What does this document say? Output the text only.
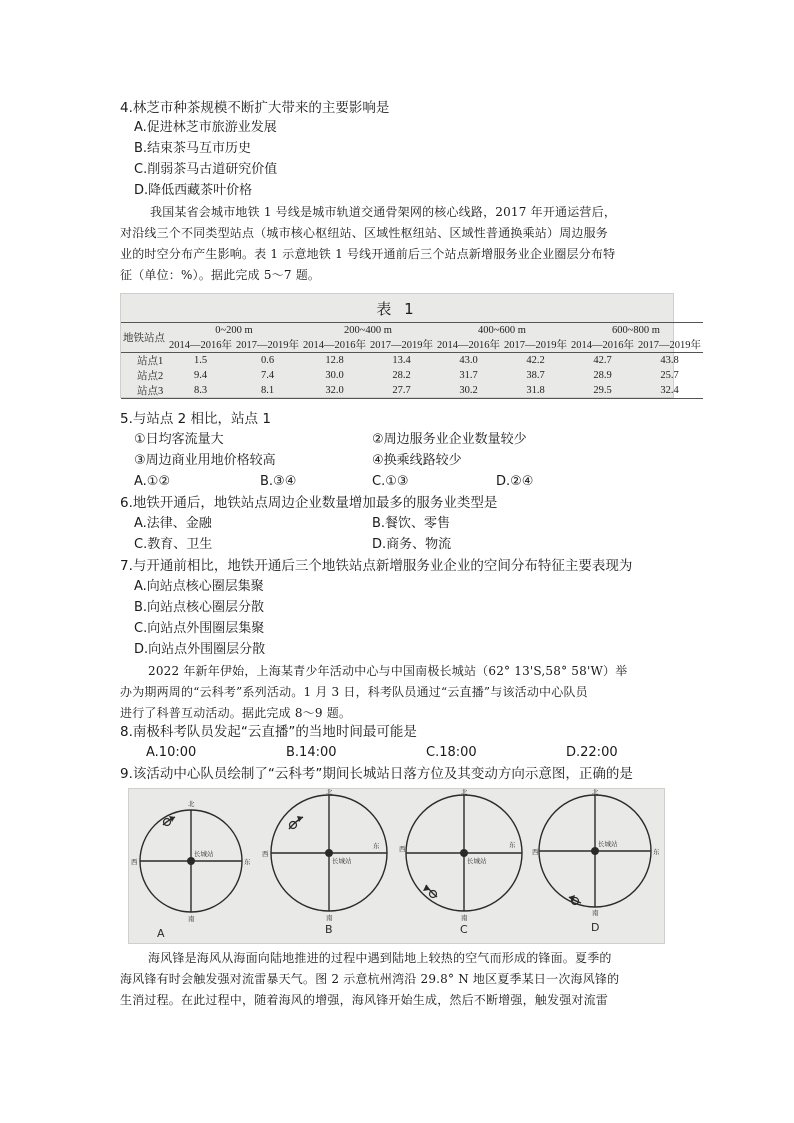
4.林芝市种茶规模不断扩大带来的主要影响是
A.促进林芝市旅游业发展
B.结束茶马互市历史
C.削弱茶马古道研究价值
D.降低西藏茶叶价格
我国某省会城市地铁 1 号线是城市轨道交通骨架网的核心线路，2017 年开通运营后，
对沿线三个不同类型站点（城市核心枢纽站、区域性枢纽站、区域性普通换乘站）周边服务
业的时空分布产生影响。表 1 示意地铁 1 号线开通前后三个站点新增服务业企业圈层分布特
征（单位：%）。据此完成 5～7 题。
表 1
地铁站点	0~200 m		200~400 m		400~600 m		600~800 m	
	2014—2016年	2017—2019年	2014—2016年	2017—2019年	2014—2016年	2017—2019年	2014—2016年	2017—2019年
站点1	1.5	0.6	12.8	13.4	43.0	42.2	42.7	43.8
站点2	9.4	7.4	30.0	28.2	31.7	38.7	28.9	25.7
站点3	8.3	8.1	32.0	27.7	30.2	31.8	29.5	32.4
5.与站点 2 相比，站点 1
①日均客流量大	②周边服务业企业数量较少
③周边商业用地价格较高	④换乘线路较少
A.①②	B.③④	C.①③	D.②④
6.地铁开通后，地铁站点周边企业数量增加最多的服务业类型是
A.法律、金融	B.餐饮、零售
C.教育、卫生	D.商务、物流
7.与开通前相比，地铁开通后三个地铁站点新增服务业企业的空间分布特征主要表现为
A.向站点核心圈层集聚
B.向站点核心圈层分散
C.向站点外围圈层集聚
D.向站点外围圈层分散
2022 年新年伊始，上海某青少年活动中心与中国南极长城站（62° 13'S,58° 58'W）举
办为期两周的“云科考”系列活动。1 月 3 日，科考队员通过“云直播”与该活动中心队员
进行了科普互动活动。据此完成 8～9 题。
8.南极科考队员发起“云直播”的当地时间最可能是
A.10:00	B.14:00	C.18:00	D.22:00
9.该活动中心队员绘制了“云科考”期间长城站日落方位及其变动方向示意图，正确的是
北
南
西	东
长城站
北
南
西
东
长城站
北
南
西	东
长城站
北
南
西	东
长城站
A	B	C	D
海风锋是海风从海面向陆地推进的过程中遇到陆地上较热的空气而形成的锋面。夏季的
海风锋有时会触发强对流雷暴天气。图 2 示意杭州湾沿 29.8° N 地区夏季某日一次海风锋的
生消过程。在此过程中，随着海风的增强，海风锋开始生成，然后不断增强，触发强对流雷
